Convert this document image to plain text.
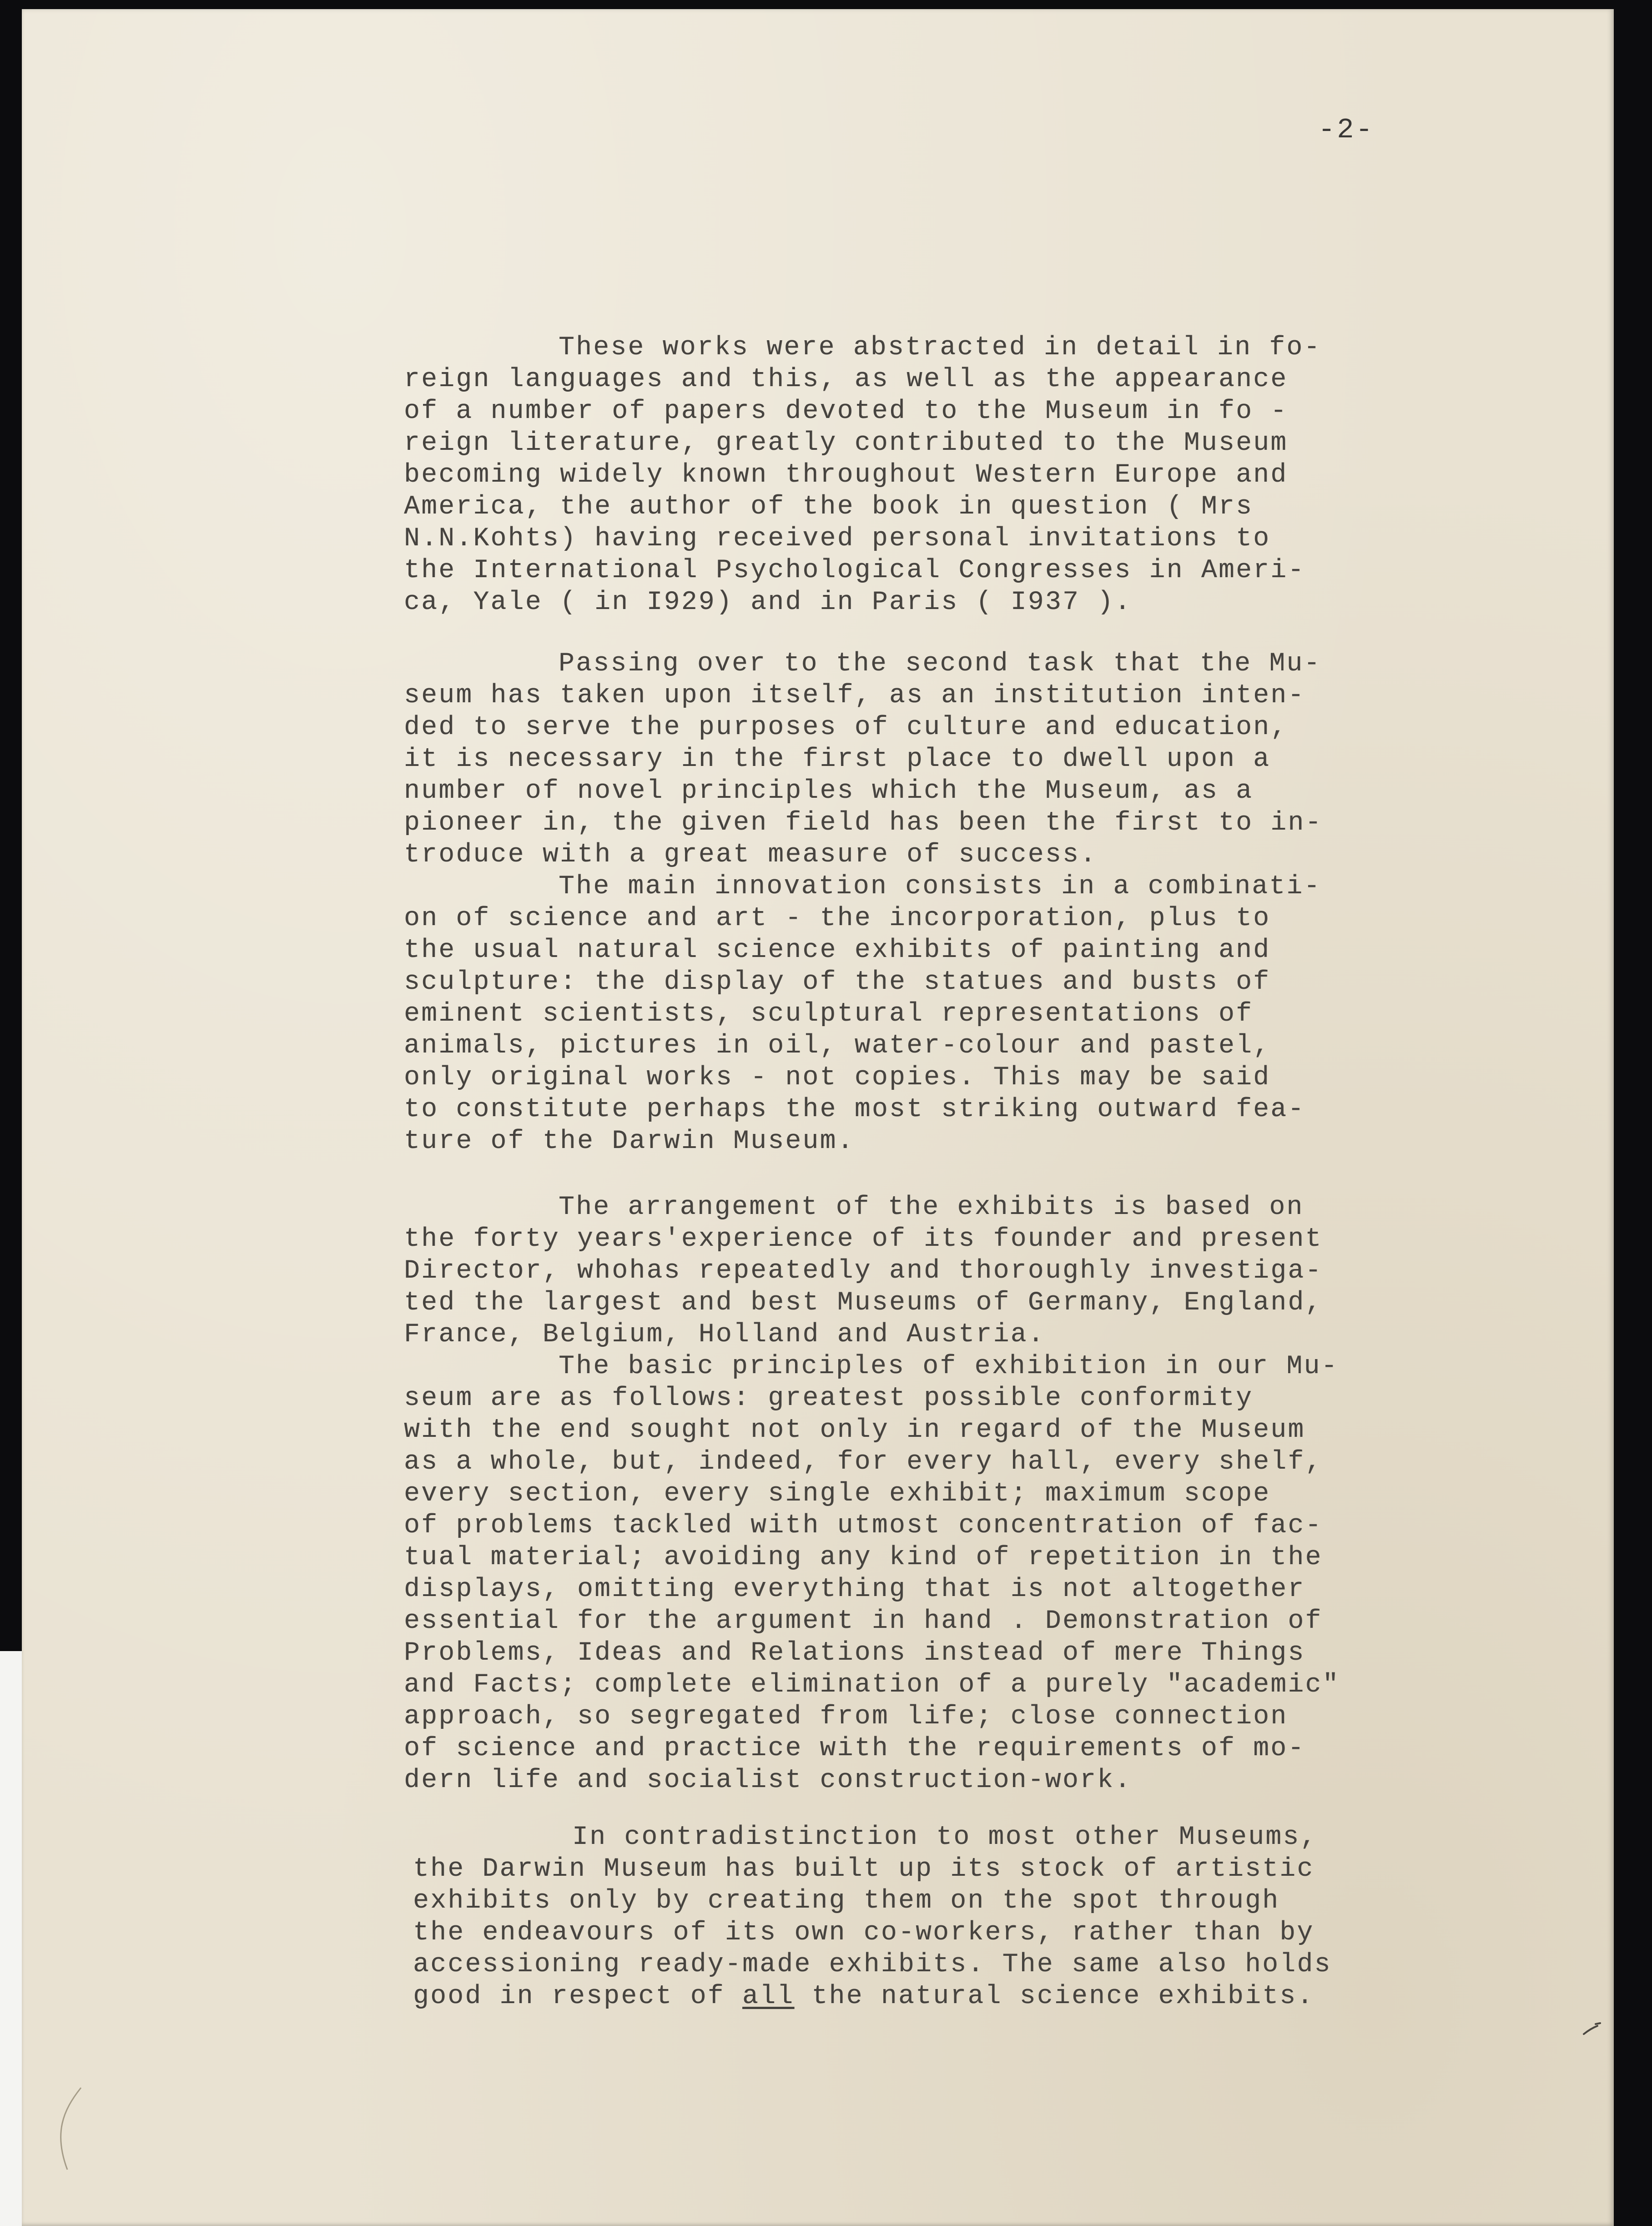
-2-
These works were abstracted in detail in fo-
reign languages and this, as well as the appearance
of a number of papers devoted to the Museum in fo -
reign literature, greatly contributed to the Museum
becoming widely known throughout Western Europe and
America, the author of the book in question ( Mrs
N.N.Kohts) having received personal invitations to
the International Psychological Congresses in Ameri-
ca, Yale ( in I929) and in Paris ( I937 ).
Passing over to the second task that the Mu-
seum has taken upon itself, as an institution inten-
ded to serve the purposes of culture and education,
it is necessary in the first place to dwell upon a
number of novel principles which the Museum, as a
pioneer in, the given field has been the first to in-
troduce with a great measure of success.
The main innovation consists in a combinati-
on of science and art - the incorporation, plus to
the usual natural science exhibits of painting and
sculpture: the display of the statues and busts of
eminent scientists, sculptural representations of
animals, pictures in oil, water-colour and pastel,
only original works - not copies. This may be said
to constitute perhaps the most striking outward fea-
ture of the Darwin Museum.
The arrangement of the exhibits is based on
the forty years'experience of its founder and present
Director, whohas repeatedly and thoroughly investiga-
ted the largest and best Museums of Germany, England,
France, Belgium, Holland and Austria.
The basic principles of exhibition in our Mu-
seum are as follows: greatest possible conformity
with the end sought not only in regard of the Museum
as a whole, but, indeed, for every hall, every shelf,
every section, every single exhibit; maximum scope
of problems tackled with utmost concentration of fac-
tual material; avoiding any kind of repetition in the
displays, omitting everything that is not altogether
essential for the argument in hand . Demonstration of
Problems, Ideas and Relations instead of mere Things
and Facts; complete elimination of a purely "academic"
approach, so segregated from life; close connection
of science and practice with the requirements of mo-
dern life and socialist construction-work.
In contradistinction to most other Museums,
the Darwin Museum has built up its stock of artistic
exhibits only by creating them on the spot through
the endeavours of its own co-workers, rather than by
accessioning ready-made exhibits. The same also holds
good in respect of all the natural science exhibits.
